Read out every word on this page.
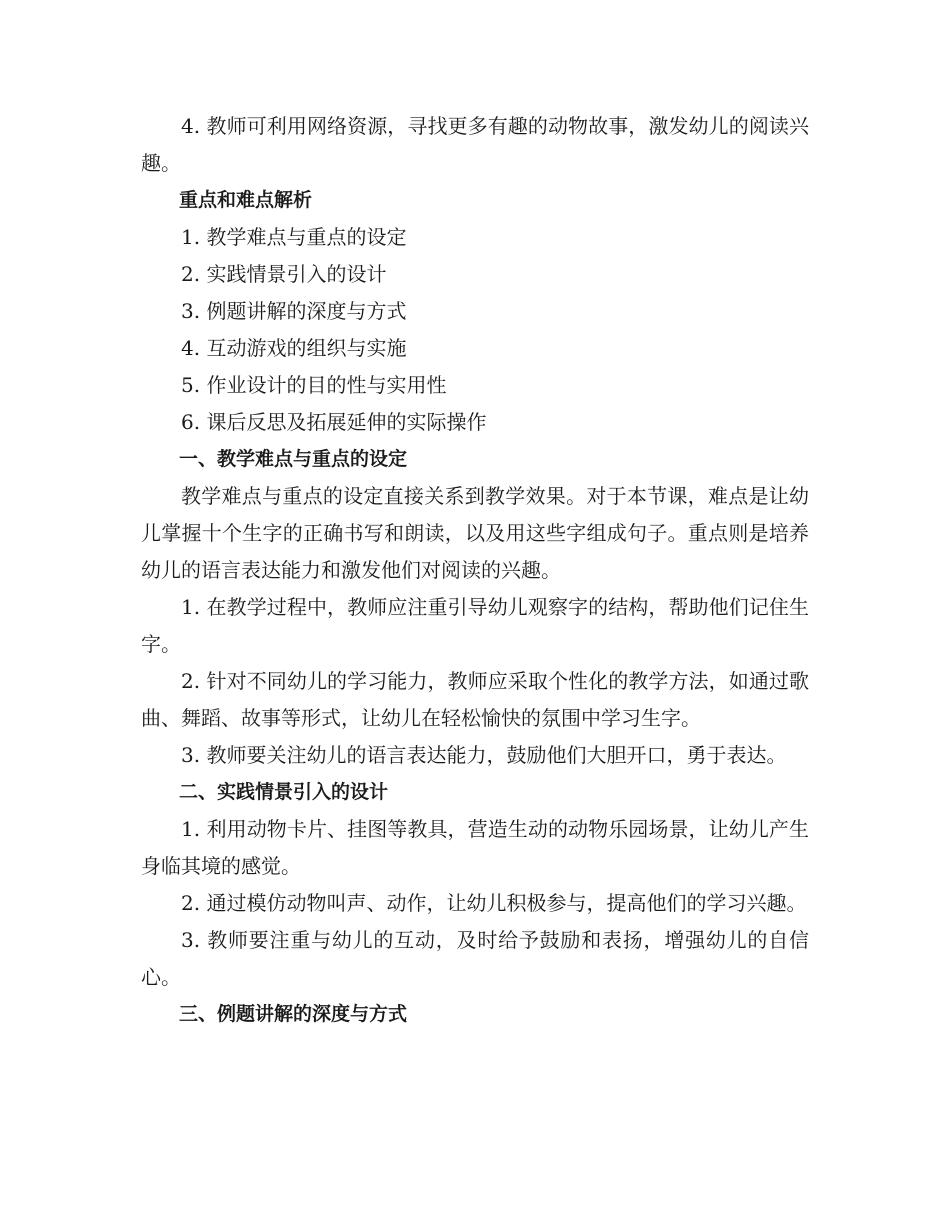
4. 教师可利用网络资源，寻找更多有趣的动物故事，激发幼儿的阅读兴趣。

重点和难点解析

1. 教学难点与重点的设定

2. 实践情景引入的设计

3. 例题讲解的深度与方式

4. 互动游戏的组织与实施

5. 作业设计的目的性与实用性

6. 课后反思及拓展延伸的实际操作

一、教学难点与重点的设定

教学难点与重点的设定直接关系到教学效果。对于本节课，难点是让幼儿掌握十个生字的正确书写和朗读，以及用这些字组成句子。重点则是培养幼儿的语言表达能力和激发他们对阅读的兴趣。

1. 在教学过程中，教师应注重引导幼儿观察字的结构，帮助他们记住生字。

2. 针对不同幼儿的学习能力，教师应采取个性化的教学方法，如通过歌曲、舞蹈、故事等形式，让幼儿在轻松愉快的氛围中学习生字。

3. 教师要关注幼儿的语言表达能力，鼓励他们大胆开口，勇于表达。

二、实践情景引入的设计

1. 利用动物卡片、挂图等教具，营造生动的动物乐园场景，让幼儿产生身临其境的感觉。

2. 通过模仿动物叫声、动作，让幼儿积极参与，提高他们的学习兴趣。

3. 教师要注重与幼儿的互动，及时给予鼓励和表扬，增强幼儿的自信心。

三、例题讲解的深度与方式
